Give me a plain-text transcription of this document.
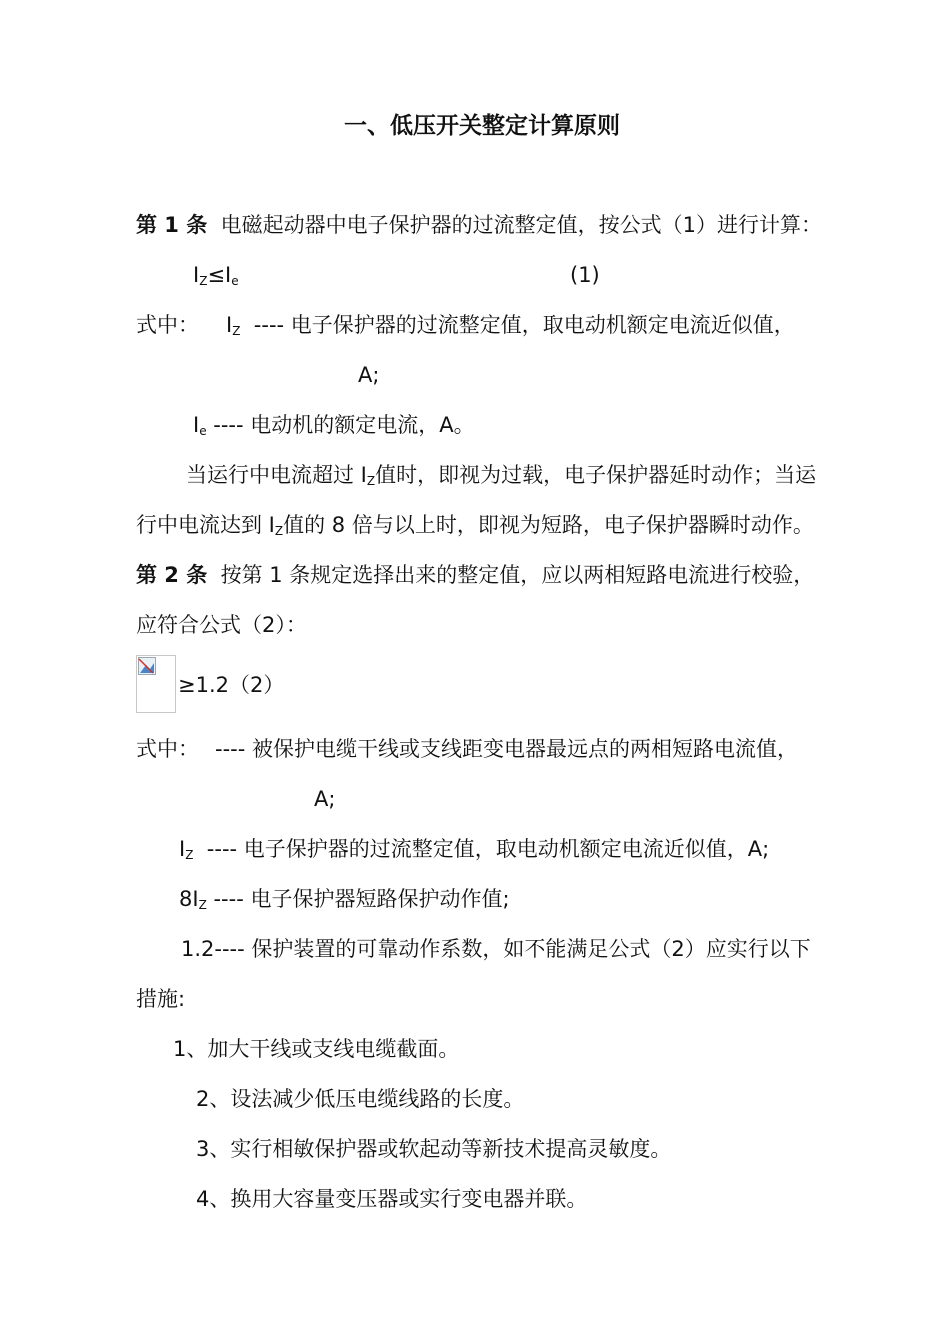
一、低压开关整定计算原则
第 1 条 电磁起动器中电子保护器的过流整定值，按公式（1）进行计算：
IZ≤Ie	(1)
式中： IZ ---- 电子保护器的过流整定值，取电动机额定电流近似值，
A;
Ie ---- 电动机的额定电流，A。
当运行中电流超过 IZ值时，即视为过载，电子保护器延时动作；当运
行中电流达到 IZ值的 8 倍与以上时，即视为短路，电子保护器瞬时动作。
第 2 条 按第 1 条规定选择出来的整定值，应以两相短路电流进行校验，
应符合公式（2）：
≥1.2（2）
式中： ---- 被保护电缆干线或支线距变电器最远点的两相短路电流值，
A;
IZ ---- 电子保护器的过流整定值，取电动机额定电流近似值，A;
8IZ ---- 电子保护器短路保护动作值;
1.2---- 保护装置的可靠动作系数，如不能满足公式（2）应实行以下
措施:
1、加大干线或支线电缆截面。
2、设法减少低压电缆线路的长度。
3、实行相敏保护器或软起动等新技术提高灵敏度。
4、换用大容量变压器或实行变电器并联。
